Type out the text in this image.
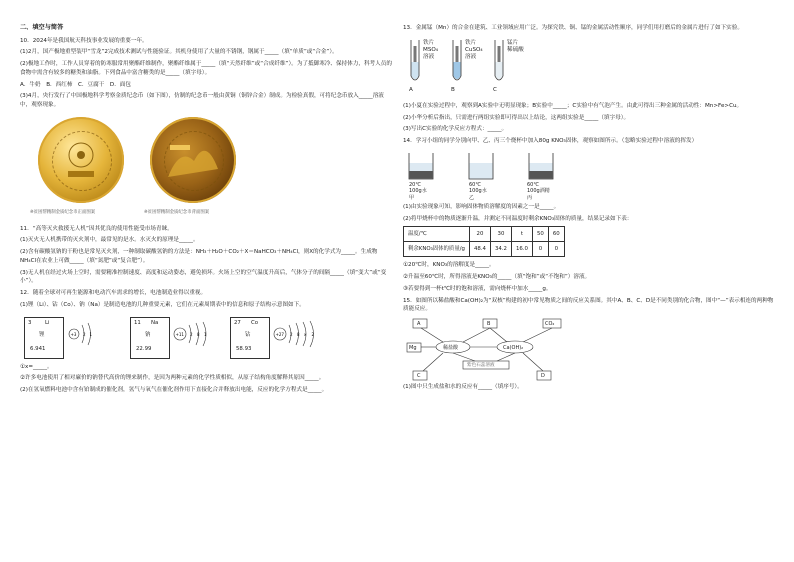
二、填空与简答

10．2024年是我国航天科技事业发展的重要一年。

(1)2月，国产极地重型装甲“雪龙”2完成技术测试与性能验证。其机身使用了大量的不锈钢，钢属于_____（填“单质”或“合金”）。

(2)极地工作时，工作人员穿着的防寒服常用聚酯纤维制作，聚酯纤维属于_____（填“天然纤维”或“合成纤维”）。为了抵御寒冷、保持体力，科考人员的食物中需含有较多的糖类和油脂。下列食品中富含糖类的是_____（填字母）。

A．牛奶　B．西红柿　C．豆腐干　D．面包

(3)4月，央行发行了中国极地科学考察金质纪念币（如下图），仿制的纪念币一般由黄铜（铜锌合金）制成。为检验真假，可将纪念币放入_____溶液中，观察现象。

※贫困帮精制金质纪念币正面图案	※贫困帮精制金质纪念币背面图案

11．“高等灭火救援无人机”因其优良的使用性能受市场青睐。

(1)灭火无人机携带的灭火剂中，最常见的是水。水灭火的原理是_____。

(2)含有碳酸氢钠的干粉也是常见灭火剂，一种制取碳酸氢钠的方法是：NH₃＋H₂O＋CO₂＋X＝NaHCO₃＋NH₄Cl，则X的化学式为_____。生成物NH₄Cl在农业上可做_____（填“氮肥”或“复合肥”）。

(3)无人机在经过火场上空时，需要精准控制速度、高度和运动姿态，避免损坏。火场上空的空气温度升高后，气体分子的间隔_____（填“变大”或“变小”）。

12．随着全球对可再生能源和电动汽车需求的增长，电池制造业得以重视。

(1)锂（Li）、钴（Co）、钠（Na）是制造电池的几种重要元素，它们在元素周期表中的信息和原子结构示意图如下。

3	Li
锂
6.941
+3 2 1
11 Na
钠
22.99
+11 2 8 1
27 Co
钴
58.93
+27 2 8 x 2

①x=_____。

②许多电池使用了相对廉价的钠替代高价的锂来制作，是因为两种元素的化学性质相似，从原子结构角度解释其原因_____。

(2)在氢氧燃料电池中含有铂制成的催化剂，氢气与氧气在催化剂作用下直接化合并释放出电能，反应的化学方程式是_____。

13．金属锰（Mn）的合金在建筑、工业领域应用广泛。为探究铁、铜、锰的金属活动性顺序，同学们用打磨后的金属片进行了如下实验。

铁片
MSO₄
溶液
铁片
CuSO₄
溶液
锰片
稀硫酸
A	B	C

(1)小夏在实验过程中，观察到A实验中无明显现象；B实验中_____；C实验中有气泡产生。由此可得出三种金属的活动性：Mn>Fe>Cu。

(2)小华分析后指出，只需进行两组实验即可得出以上结论，这两组实验是_____（填字母）。

(3)写出C实验的化学反应方程式：_____。

14．学习小组的同学分别向甲、乙、丙三个烧杯中加入80g KNO₃固体，观察如图所示。（忽略实验过程中溶液的挥发）

20℃
100g水
甲
60℃
100g水
乙
60℃
100g酒精
丙

(1)由实验现象可知，影响固体物质溶解度的因素之一是_____。

(2)将甲烧杯中的物质逐渐升温，并测定不同温度时剩余KNO₃固体的质量，结果记录如下表：

温度/℃	20	30	t	50	60
剩余KNO₃固体的质量/g	48.4	34.2	16.0	0	0

①20℃时，KNO₃的溶解度是_____。

②升温至60℃时，所得溶液是KNO₃的_____（填“饱和”或“不饱和”）溶液。

③若要得到一杯t℃时的饱和溶液，需向烧杯中加水_____g。

15．如图所以稀盐酸和Ca(OH)₂为“双核”构建的初中常见物质之间的反应关系图。其中A、B、C、D是不同类别的化合物，图中“—”表示相连的两种物质能反应。

A	B	CO₂
Mg	稀盐酸	Ca(OH)₂
紫色石蕊溶液
C	D

(1)图中只生成盐和水的反应有_____（填序号）。
